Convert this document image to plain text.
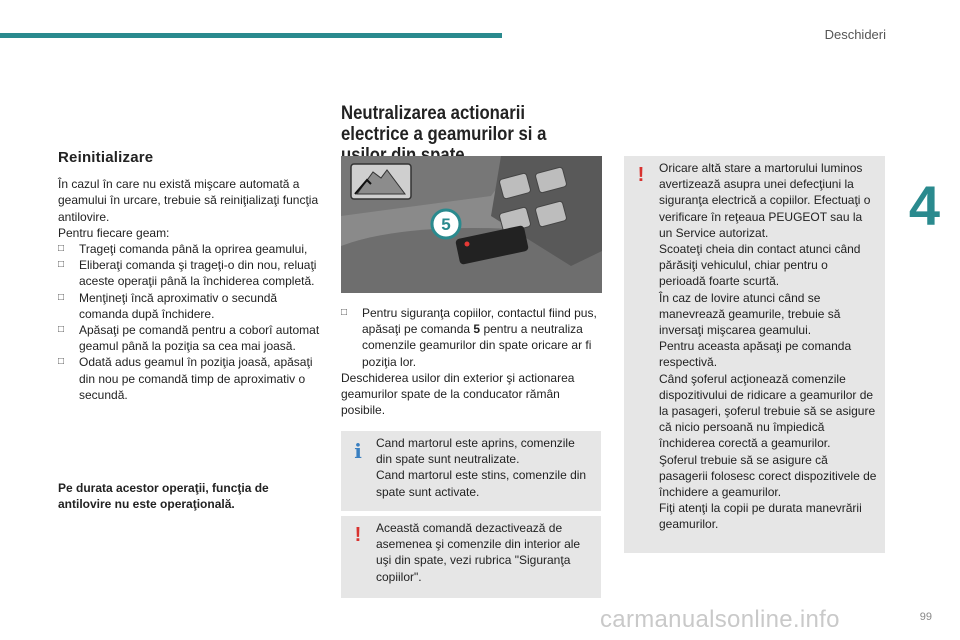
Deschideri
4
Reinitializare

În cazul în care nu există mişcare automată a geamului în urcare, trebuie să reiniţializaţi funcţia antilovire.

Pentru fiecare geam:

□ Trageţi comanda până la oprirea geamului,
□ Eliberaţi comanda şi trageţi-o din nou, reluaţi aceste operaţii până la închiderea completă.
□ Menţineţi încă aproximativ o secundă comanda după închidere.
□ Apăsaţi pe comandă pentru a coborî automat geamul până la poziţia sa cea mai joasă.
□ Odată adus geamul în poziţia joasă, apăsaţi din nou pe comandă timp de aproximativ o secundă.
Pe durata acestor operaţii, funcţia de antilovire nu este operaţională.
Neutralizarea actionarii electrice a geamurilor si a
5
□ Pentru siguranţa copiilor, contactul fiind pus, apăsaţi pe comanda 5 pentru a neutraliza comenzile geamurilor din spate oricare ar fi poziţia lor.

Deschiderea usilor din exterior şi actionarea geamurilor spate de la conducator rămân posibile.

i Cand martorul este aprins, comenzile din spate sunt neutralizate.

Cand martorul este stins, comenzile din spate sunt activate.

! Această comandă dezactivează de asemenea şi comenzile din interior ale uşi din spate, vezi rubrica "Siguranţa copiilor".

! Oricare altă stare a martorului luminos avertizează asupra unei defecţiuni la siguranţa electrică a copiilor. Efectuaţi o verificare în reţeaua PEUGEOT sau la un Service autorizat.

Scoateţi cheia din contact atunci când părăsiţi vehiculul, chiar pentru o perioadă foarte scurtă.

În caz de lovire atunci când se manevrează geamurile, trebuie să inversaţi mişcarea geamului.

Pentru aceasta apăsaţi pe comanda respectivă.

Când şoferul acţionează comenzile dispozitivului de ridicare a geamurilor de la pasageri, şoferul trebuie să se asigure că nicio persoană nu împiedică închiderea corectă a geamurilor.

Şoferul trebuie să se asigure că pasagerii folosesc corect dispozitivele de închidere a geamurilor.

Fiţi atenţi la copii pe durata manevrării geamurilor.

carmanualsonline.info	99
